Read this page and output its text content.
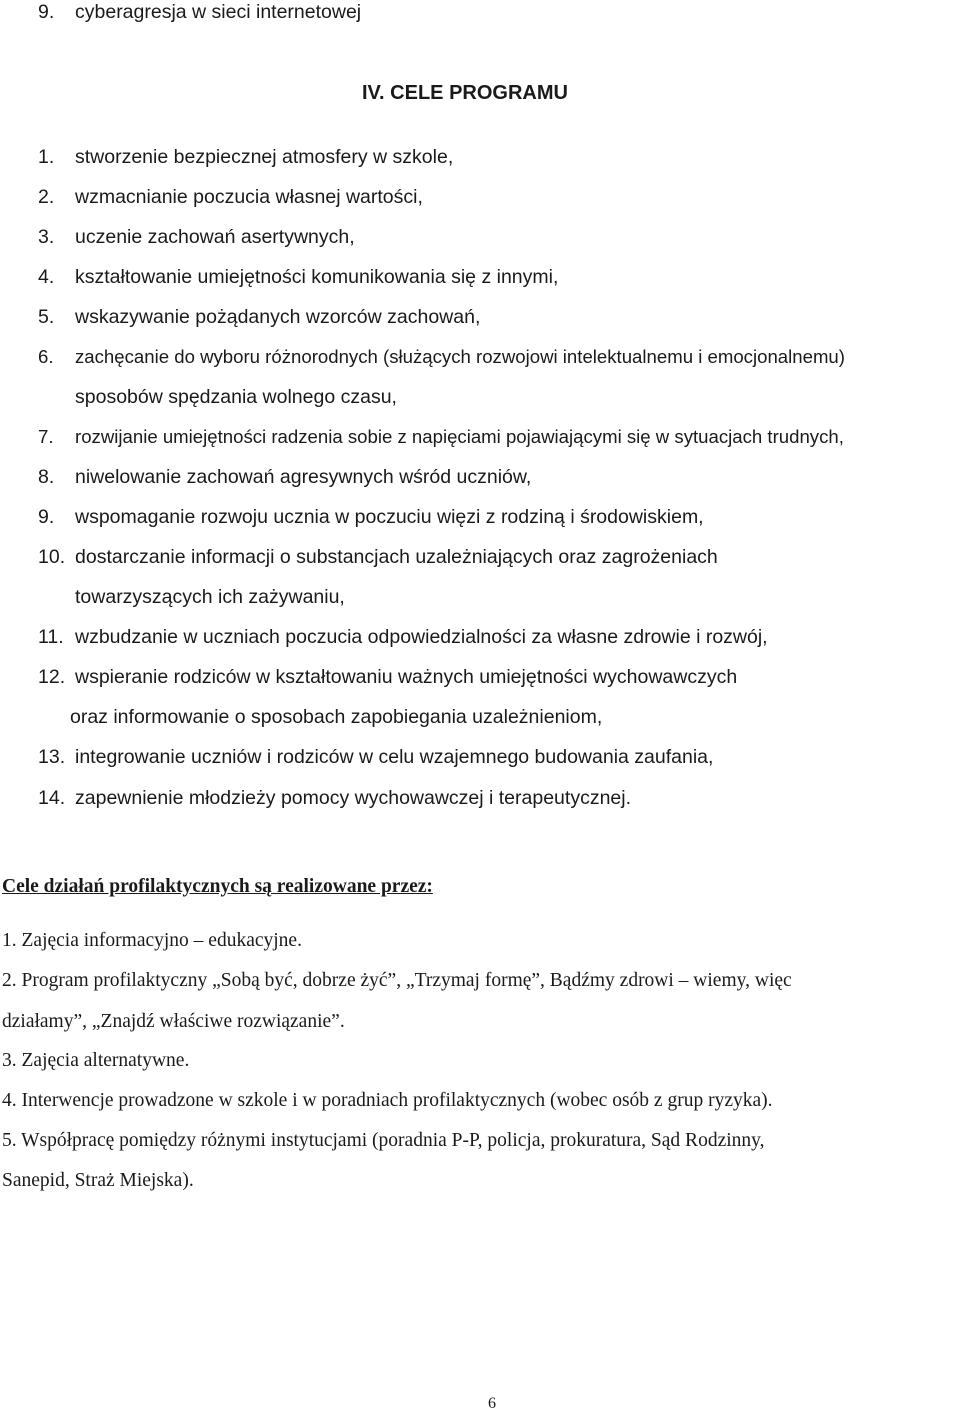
9. cyberagresja w sieci internetowej
IV. CELE PROGRAMU
1. stworzenie bezpiecznej atmosfery w szkole,
2. wzmacnianie poczucia własnej wartości,
3. uczenie zachowań asertywnych,
4. kształtowanie umiejętności komunikowania się z innymi,
5. wskazywanie pożądanych wzorców zachowań,
6. zachęcanie do wyboru różnorodnych (służących rozwojowi intelektualnemu i emocjonalnemu)
sposobów spędzania wolnego czasu,
7. rozwijanie umiejętności radzenia sobie z napięciami pojawiającymi się w sytuacjach trudnych,
8. niwelowanie zachowań agresywnych wśród uczniów,
9. wspomaganie rozwoju ucznia w poczuciu więzi z rodziną i środowiskiem,
10. dostarczanie informacji o substancjach uzależniających oraz zagrożeniach
towarzyszących ich zażywaniu,
11. wzbudzanie w uczniach poczucia odpowiedzialności za własne zdrowie i rozwój,
12. wspieranie rodziców w kształtowaniu ważnych umiejętności wychowawczych
oraz informowanie o sposobach zapobiegania uzależnieniom,
13. integrowanie uczniów i rodziców w celu wzajemnego budowania zaufania,
14. zapewnienie młodzieży pomocy wychowawczej i terapeutycznej.
Cele działań profilaktycznych są realizowane przez:
1. Zajęcia informacyjno – edukacyjne.
2. Program profilaktyczny „Sobą być, dobrze żyć”, „Trzymaj formę”, Bądźmy zdrowi – wiemy, więc
działamy”, „Znajdź właściwe rozwiązanie”.
3. Zajęcia alternatywne.
4. Interwencje prowadzone w szkole i w poradniach profilaktycznych (wobec osób z grup ryzyka).
5. Współpracę pomiędzy różnymi instytucjami (poradnia P-P, policja, prokuratura, Sąd Rodzinny,
Sanepid, Straż Miejska).
6
